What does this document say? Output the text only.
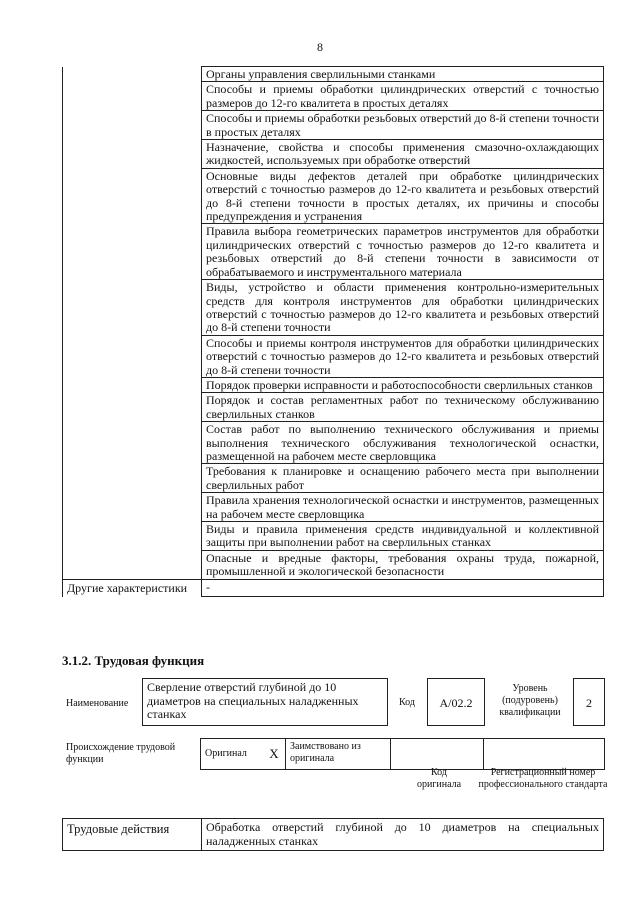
8
	Органы управления сверлильными станками
	Способы и приемы обработки цилиндрических отверстий с точностью размеров до 12-го квалитета в простых деталях
	Способы и приемы обработки резьбовых отверстий до 8-й степени точности в простых деталях
	Назначение, свойства и способы применения смазочно-охлаждающих жидкостей, используемых при обработке отверстий
	Основные виды дефектов деталей при обработке цилиндрических отверстий с точностью размеров до 12-го квалитета и резьбовых отверстий до 8-й степени точности в простых деталях, их причины и способы предупреждения и устранения
	Правила выбора геометрических параметров инструментов для обработки цилиндрических отверстий с точностью размеров до 12-го квалитета и резьбовых отверстий до 8-й степени точности в зависимости от обрабатываемого и инструментального материала
	Виды, устройство и области применения контрольно-измерительных средств для контроля инструментов для обработки цилиндрических отверстий с точностью размеров до 12-го квалитета и резьбовых отверстий до 8-й степени точности
	Способы и приемы контроля инструментов для обработки цилиндрических отверстий с точностью размеров до 12-го квалитета и резьбовых отверстий до 8-й степени точности
	Порядок проверки исправности и работоспособности сверлильных станков
	Порядок и состав регламентных работ по техническому обслуживанию сверлильных станков
	Состав работ по выполнению технического обслуживания и приемы выполнения технического обслуживания технологической оснастки, размещенной на рабочем месте сверловщика
	Требования к планировке и оснащению рабочего места при выполнении сверлильных работ
	Правила хранения технологической оснастки и инструментов, размещенных на рабочем месте сверловщика
	Виды и правила применения средств индивидуальной и коллективной защиты при выполнении работ на сверлильных станках
	Опасные и вредные факторы, требования охраны труда, пожарной, промышленной и экологической безопасности
Другие характеристики	-
3.1.2. Трудовая функция
Наименование
Сверление отверстий глубиной до 10 диаметров на специальных наладженных станках
Код	А/02.2
Уровень (подуровень) квалификации
2
Происхождение трудовой функции
Оригинал	Х	Заимствовано из оригинала		
Код оригинала
Регистрационный номер профессионального стандарта
Трудовые действия	Обработка отверстий глубиной до 10 диаметров на специальных наладженных станках
